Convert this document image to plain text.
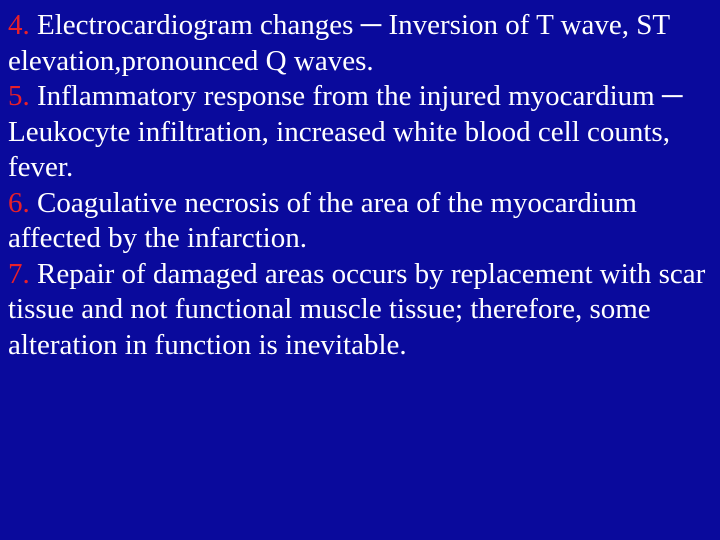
4. Electrocardiogram changes ─ Inversion of T wave, ST elevation,pronounced Q waves.
5. Inflammatory response from the injured myocardium ─ Leukocyte infiltration, increased white blood cell counts, fever.
6. Coagulative necrosis of the area of the myocardium affected by the infarction.
7. Repair of damaged areas occurs by replacement with scar tissue and not functional muscle tissue; therefore, some alteration in function is inevitable.
